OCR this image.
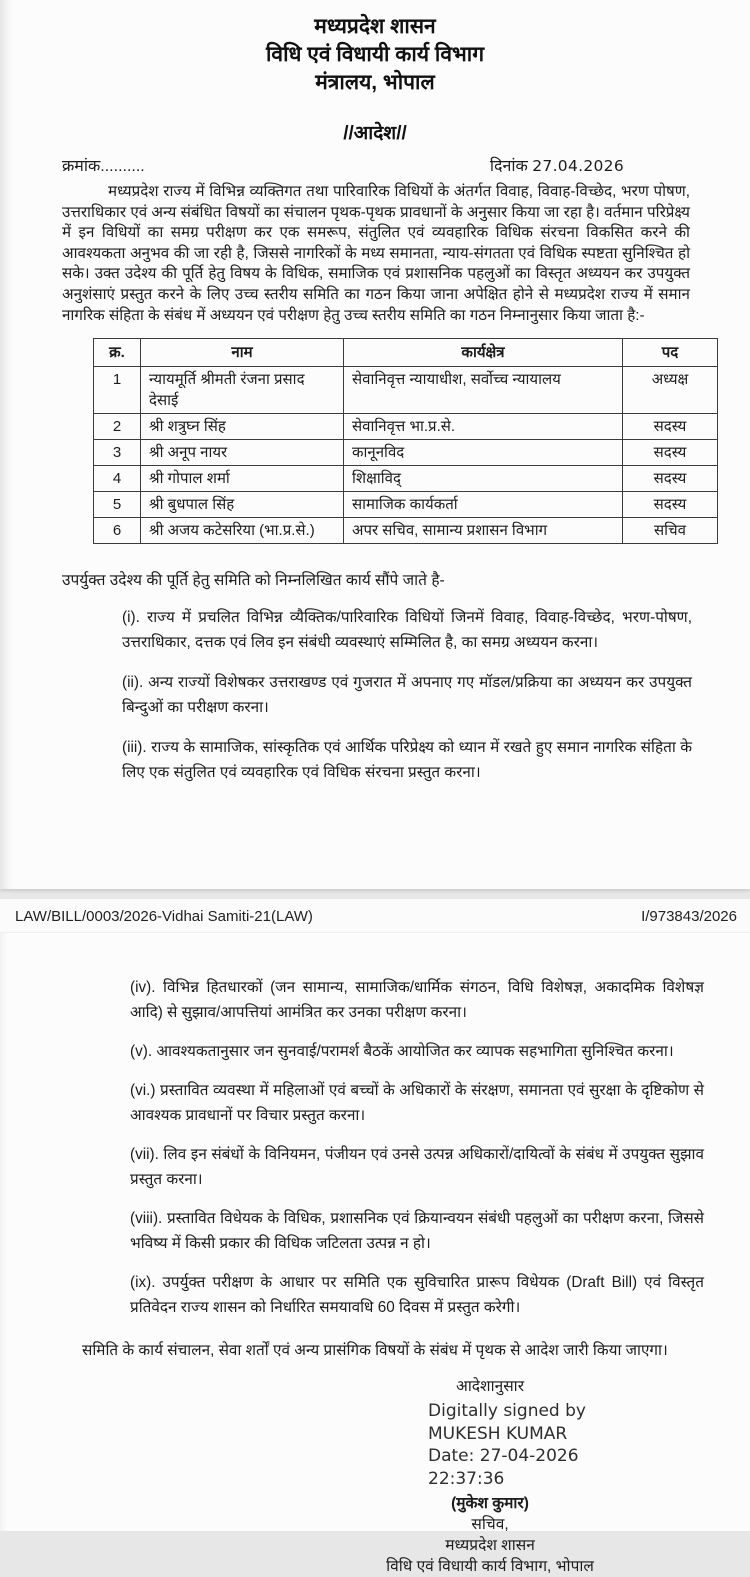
मध्यप्रदेश शासन
विधि एवं विधायी कार्य विभाग
मंत्रालय, भोपाल
//आदेश//
क्रमांक..........	दिनांक 27.04.2026

मध्यप्रदेश राज्य में विभिन्न व्यक्तिगत तथा पारिवारिक विधियों के अंतर्गत विवाह, विवाह-विच्छेद, भरण पोषण, उत्तराधिकार एवं अन्य संबंधित विषयों का संचालन पृथक-पृथक प्रावधानों के अनुसार किया जा रहा है। वर्तमान परिप्रेक्ष्य में इन विधियों का समग्र परीक्षण कर एक समरूप, संतुलित एवं व्यवहारिक विधिक संरचना विकसित करने की आवश्यकता अनुभव की जा रही है, जिससे नागरिकों के मध्य समानता, न्याय-संगतता एवं विधिक स्पष्टता सुनिश्चित हो सके। उक्त उदेश्य की पूर्ति हेतु विषय के विधिक, समाजिक एवं प्रशासनिक पहलुओं का विस्तृत अध्ययन कर उपयुक्त अनुशंसाएं प्रस्तुत करने के लिए उच्च स्तरीय समिति का गठन किया जाना अपेक्षित होने से मध्यप्रदेश राज्य में समान नागरिक संहिता के संबंध में अध्ययन एवं परीक्षण हेतु उच्च स्तरीय समिति का गठन निम्नानुसार किया जाता है:-

क्र.	नाम	कार्यक्षेत्र	पद
1	न्यायमूर्ति श्रीमती रंजना प्रसाद देसाई	सेवानिवृत्त न्यायाधीश, सर्वोच्च न्यायालय	अध्यक्ष
2	श्री शत्रुघ्न सिंह	सेवानिवृत्त भा.प्र.से.	सदस्य
3	श्री अनूप नायर	कानूनविद	सदस्य
4	श्री गोपाल शर्मा	शिक्षाविद्	सदस्य
5	श्री बुधपाल सिंह	सामाजिक कार्यकर्ता	सदस्य
6	श्री अजय कटेसरिया (भा.प्र.से.)	अपर सचिव, सामान्य प्रशासन विभाग	सचिव

उपर्युक्त उदेश्य की पूर्ति हेतु समिति को निम्नलिखित कार्य सौंपे जाते है-

(i). राज्य में प्रचलित विभिन्न व्यैक्तिक/पारिवारिक विधियों जिनमें विवाह, विवाह-विच्छेद, भरण-पोषण, उत्तराधिकार, दत्तक एवं लिव इन संबंधी व्यवस्थाएं सम्मिलित है, का समग्र अध्ययन करना।

(ii). अन्य राज्यों विशेषकर उत्तराखण्ड एवं गुजरात में अपनाए गए मॉडल/प्रक्रिया का अध्ययन कर उपयुक्त बिन्दुओं का परीक्षण करना।

(iii). राज्य के सामाजिक, सांस्कृतिक एवं आर्थिक परिप्रेक्ष्य को ध्यान में रखते हुए समान नागरिक संहिता के लिए एक संतुलित एवं व्यवहारिक एवं विधिक संरचना प्रस्तुत करना।

LAW/BILL/0003/2026-Vidhai Samiti-21(LAW)	I/973843/2026

(iv). विभिन्न हितधारकों (जन सामान्य, सामाजिक/धार्मिक संगठन, विधि विशेषज्ञ, अकादमिक विशेषज्ञ आदि) से सुझाव/आपत्तियां आमंत्रित कर उनका परीक्षण करना।

(v). आवश्यकतानुसार जन सुनवाई/परामर्श बैठकें आयोजित कर व्यापक सहभागिता सुनिश्चित करना।

(vi.) प्रस्तावित व्यवस्था में महिलाओं एवं बच्चों के अधिकारों के संरक्षण, समानता एवं सुरक्षा के दृष्टिकोण से आवश्यक प्रावधानों पर विचार प्रस्तुत करना।

(vii). लिव इन संबंधों के विनियमन, पंजीयन एवं उनसे उत्पन्न अधिकारों/दायित्वों के संबंध में उपयुक्त सुझाव प्रस्तुत करना।

(viii). प्रस्तावित विधेयक के विधिक, प्रशासनिक एवं क्रियान्वयन संबंधी पहलुओं का परीक्षण करना, जिससे भविष्य में किसी प्रकार की विधिक जटिलता उत्पन्न न हो।

(ix). उपर्युक्त परीक्षण के आधार पर समिति एक सुविचारित प्रारूप विधेयक (Draft Bill) एवं विस्तृत प्रतिवेदन राज्य शासन को निर्धारित समयावधि 60 दिवस में प्रस्तुत करेगी।

समिति के कार्य संचालन, सेवा शर्तों एवं अन्य प्रासंगिक विषयों के संबंध में पृथक से आदेश जारी किया जाएगा।

आदेशानुसार
Digitally signed by
MUKESH KUMAR
Date: 27-04-2026
22:37:36
(मुकेश कुमार)
सचिव,
मध्यप्रदेश शासन
विधि एवं विधायी कार्य विभाग, भोपाल
